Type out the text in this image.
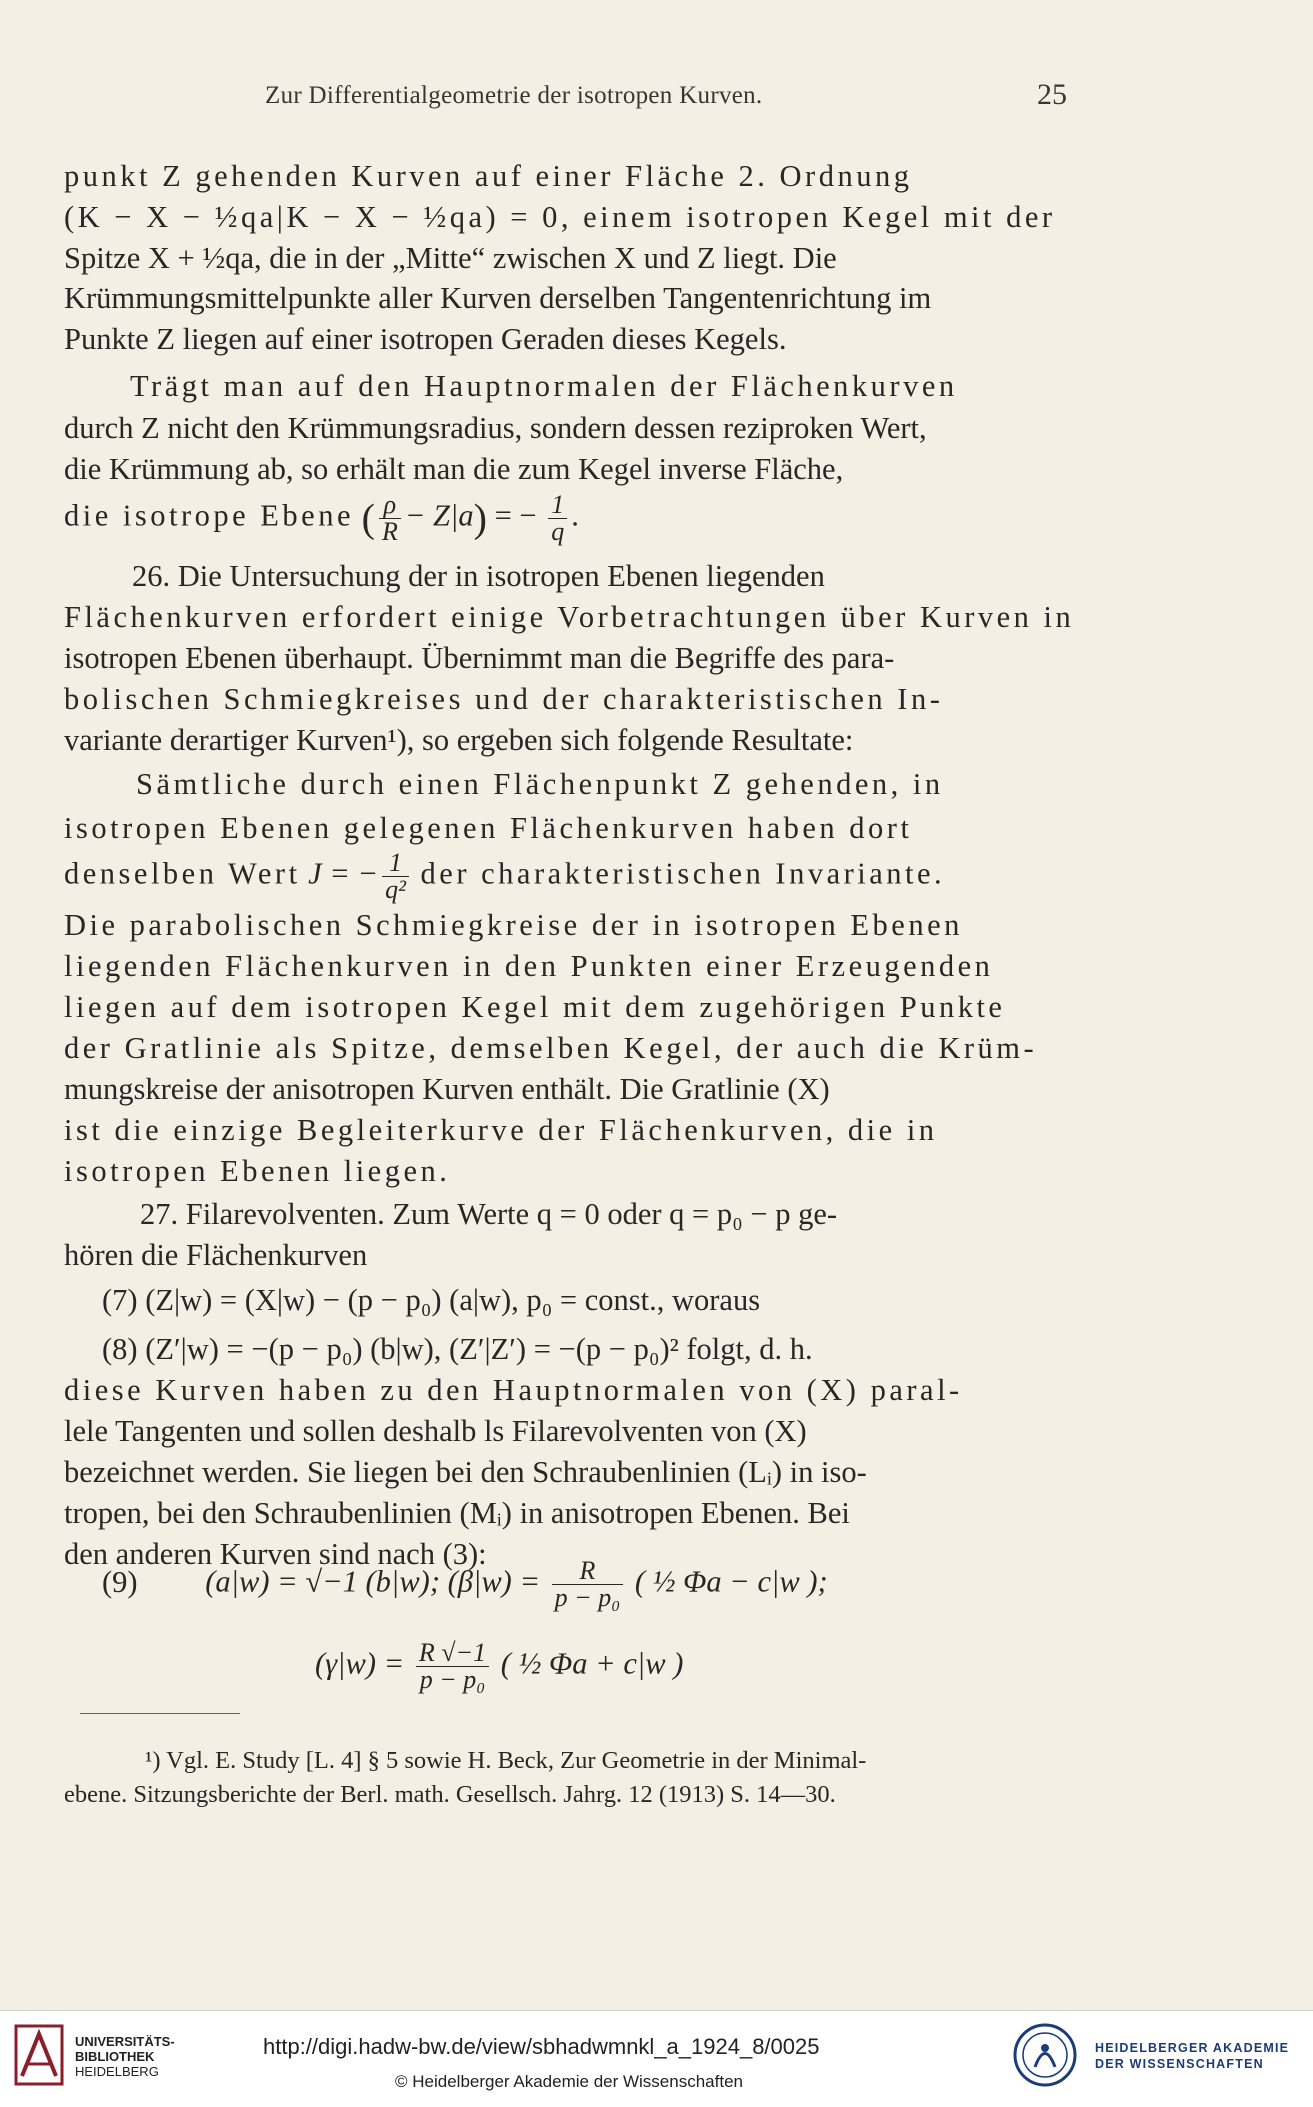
Zur Differentialgeometrie der isotropen Kurven.	25
punkt Z gehenden Kurven auf einer Fläche 2. Ordnung
(K − X − ½qa|K − X − ½qa) = 0, einem isotropen Kegel mit der
Spitze X + ½qa, die in der „Mitte“ zwischen X und Z liegt. Die
Krümmungsmittelpunkte aller Kurven derselben Tangentenrichtung im
Punkte Z liegen auf einer isotropen Geraden dieses Kegels.
Trägt man auf den Hauptnormalen der Flächenkurven
durch Z nicht den Krümmungsradius, sondern dessen reziproken Wert,
die Krümmung ab, so erhält man die zum Kegel inverse Fläche,
die isotrope Ebene ( $\frac{\rho}{R} - Z|a$) = − $\frac{1}{q}$ .
26. Die Untersuchung der in isotropen Ebenen liegenden
Flächenkurven erfordert einige Vorbetrachtungen über Kurven in
isotropen Ebenen überhaupt. Übernimmt man die Begriffe des para-
bolischen Schmiegkreises und der charakteristischen In-
variante derartiger Kurven¹), so ergeben sich folgende Resultate:
Sämtliche durch einen Flächenpunkt Z gehenden, in
isotropen Ebenen gelegenen Flächenkurven haben dort
denselben Wert J = − $\frac{1}{\text{q²}}$ der charakteristischen Invariante.
Die parabolischen Schmiegkreise der in isotropen Ebenen
liegenden Flächenkurven in den Punkten einer Erzeugenden
liegen auf dem isotropen Kegel mit dem zugehörigen Punkte
der Gratlinie als Spitze, demselben Kegel, der auch die Krüm-
mungskreise der anisotropen Kurven enthält. Die Gratlinie (X)
ist die einzige Begleiterkurve der Flächenkurven, die in
isotropen Ebenen liegen.
27. Filarevolventen. Zum Werte q = 0 oder q = p₀ − p ge-
hören die Flächenkurven
(7) (Z|w) = (X|w) − (p − p₀) (a|w), p₀ = const., woraus
(8) (Z′|w) = −(p − p₀) (b|w), (Z′|Z′) = −(p − p₀)² folgt, d. h.
diese Kurven haben zu den Hauptnormalen von (X) paral-
lele Tangenten und sollen deshalb ls Filarevolventen von (X)
bezeichnet werden. Sie liegen bei den Schraubenlinien (Lᵢ) in iso-
tropen, bei den Schraubenlinien (Mᵢ) in anisotropen Ebenen. Bei
den anderen Kurven sind nach (3):
(9) (a|w) = √−1 (b|w); $(\beta|w) = \frac{R}{\text{p − p₀}}$ ( ½ Φa − c|w );
$(\gamma|w) = \frac{R √-1}{\text{p − p₀}}$ ( ½ Φa + c|w )
¹) Vgl. E. Study [L. 4] § 5 sowie H. Beck, Zur Geometrie in der Minimal-
ebene. Sitzungsberichte der Berl. math. Gesellsch. Jahrg. 12 (1913) S. 14—30.
UNIVERSITÄTS-
BIBLIOTHEK
HEIDELBERG
http://digi.hadw-bw.de/view/sbhadwmnkl_a_1924_8/0025
© Heidelberger Akademie der Wissenschaften
HEIDELBERGER AKADEMIE
DER WISSENSCHAFTEN
